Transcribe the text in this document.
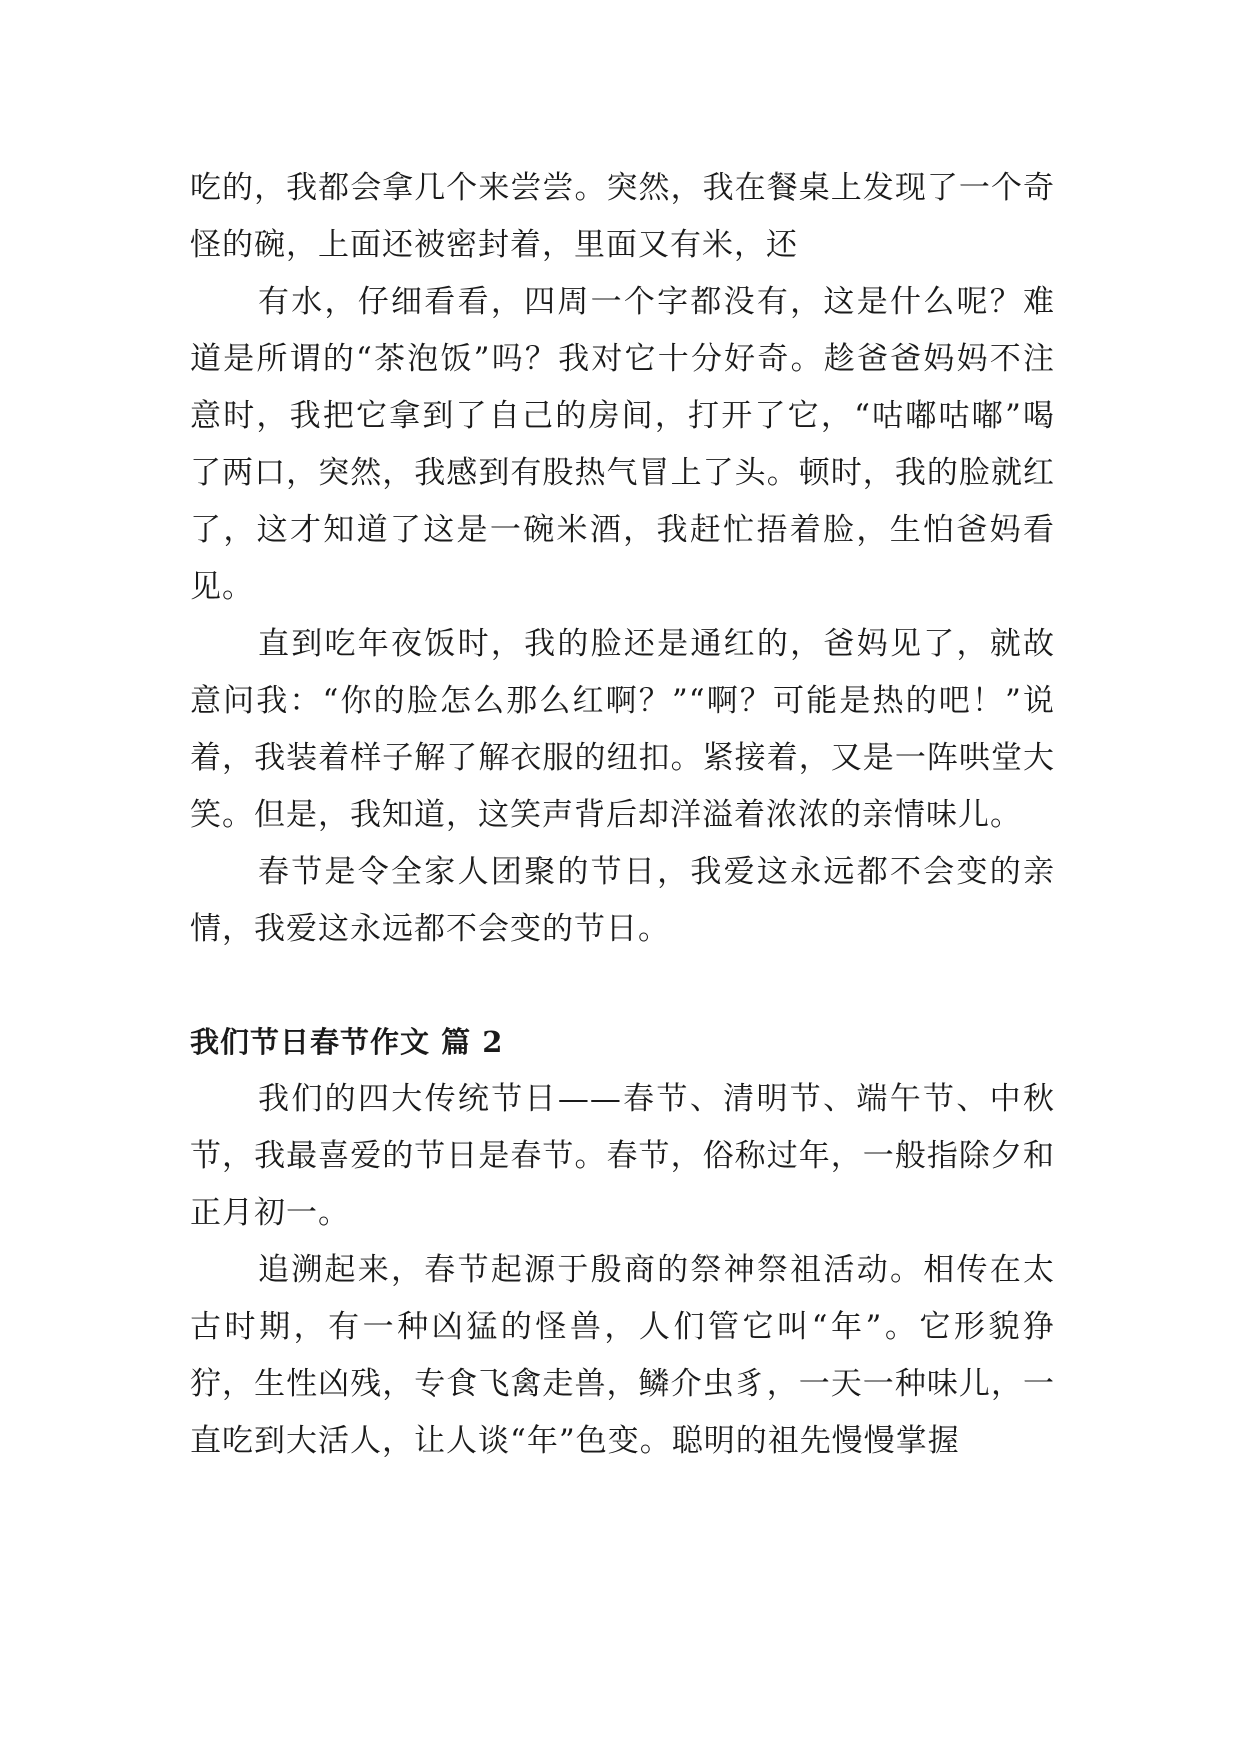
吃的，我都会拿几个来尝尝。突然，我在餐桌上发现了一个奇怪的碗，上面还被密封着，里面又有米，还

有水，仔细看看，四周一个字都没有，这是什么呢？难道是所谓的“茶泡饭”吗？我对它十分好奇。趁爸爸妈妈不注意时，我把它拿到了自己的房间，打开了它，“咕嘟咕嘟”喝了两口，突然，我感到有股热气冒上了头。顿时，我的脸就红了，这才知道了这是一碗米酒，我赶忙捂着脸，生怕爸妈看见。

直到吃年夜饭时，我的脸还是通红的，爸妈见了，就故意问我：“你的脸怎么那么红啊？”“啊？可能是热的吧！”说着，我装着样子解了解衣服的纽扣。紧接着，又是一阵哄堂大笑。但是，我知道，这笑声背后却洋溢着浓浓的亲情味儿。

春节是令全家人团聚的节日，我爱这永远都不会变的亲情，我爱这永远都不会变的节日。

我们节日春节作文 篇 2

我们的四大传统节日——春节、清明节、端午节、中秋节，我最喜爱的节日是春节。春节，俗称过年，一般指除夕和正月初一。

追溯起来，春节起源于殷商的祭神祭祖活动。相传在太古时期，有一种凶猛的怪兽，人们管它叫“年”。它形貌狰狞，生性凶残，专食飞禽走兽，鳞介虫豸，一天一种味儿，一直吃到大活人，让人谈“年”色变。聪明的祖先慢慢掌握
